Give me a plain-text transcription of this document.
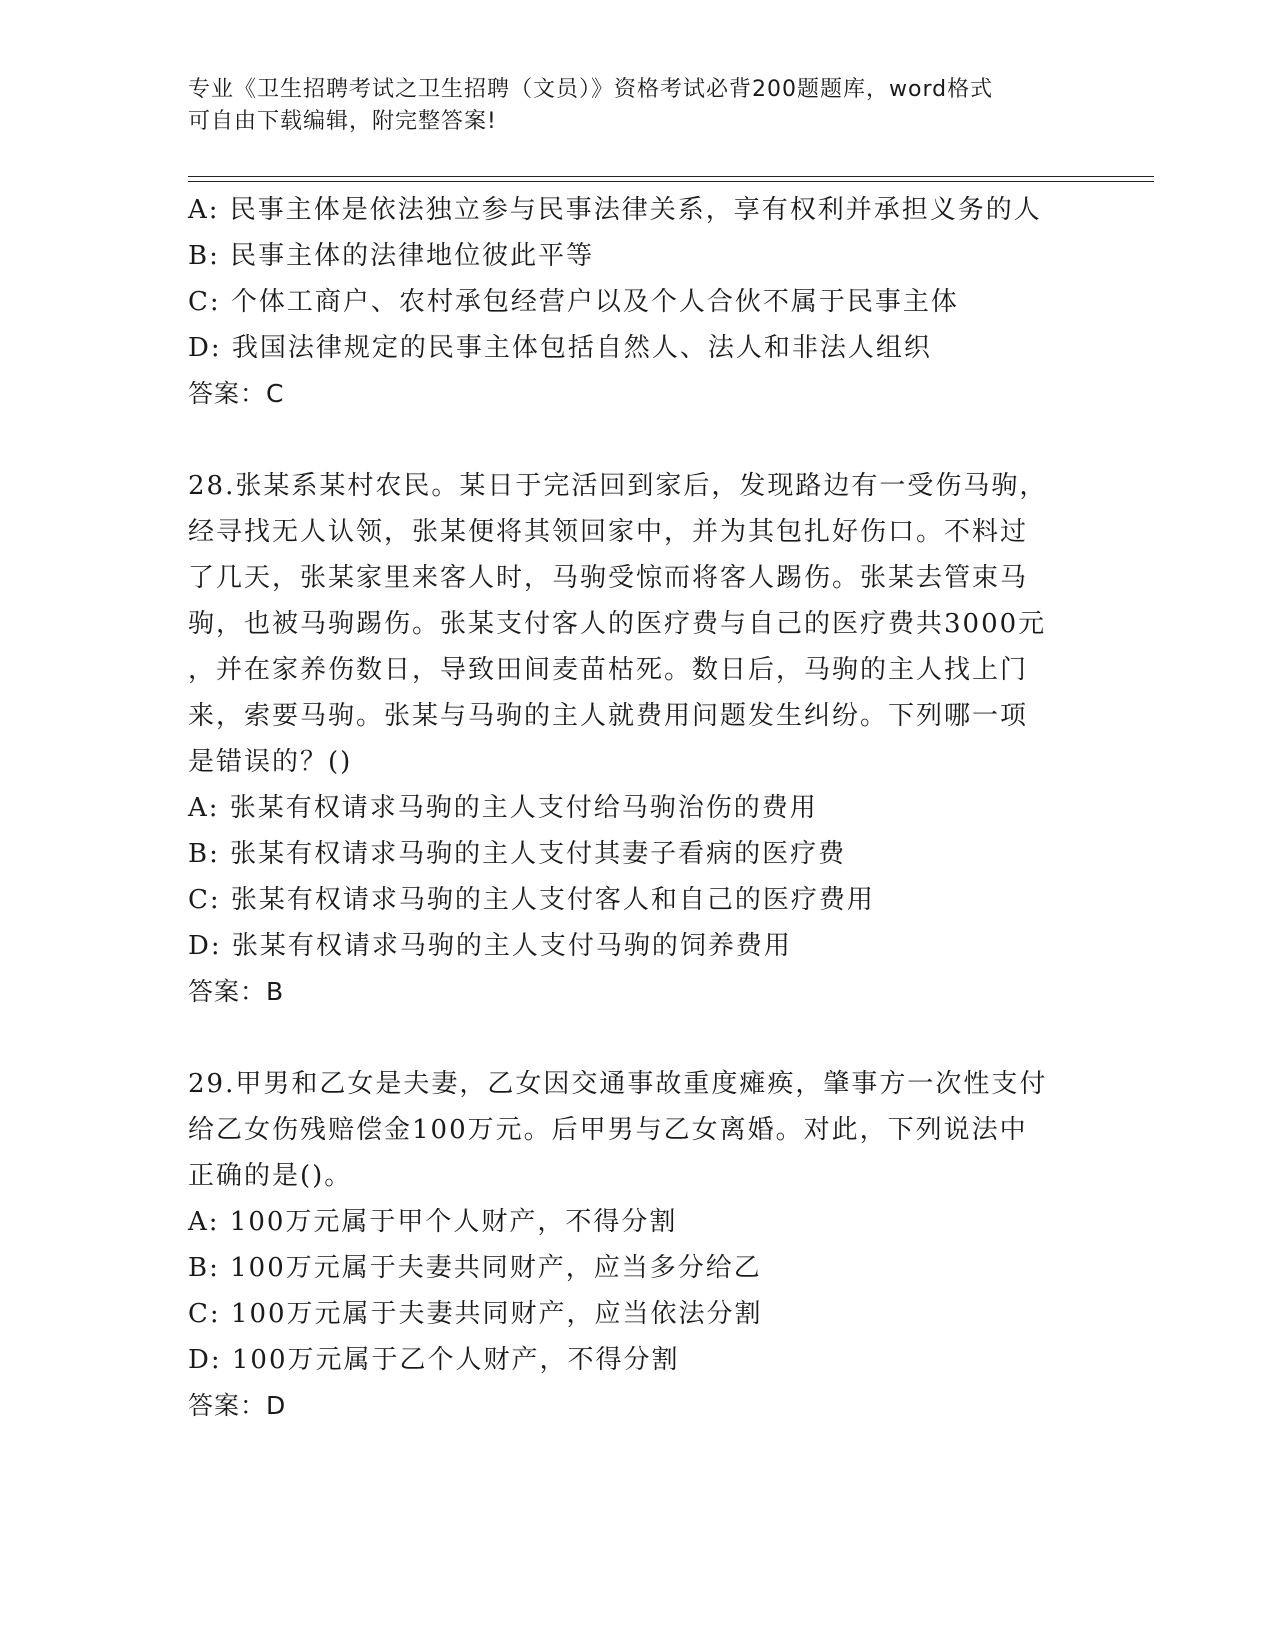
专业《卫生招聘考试之卫生招聘（文员）》资格考试必背200题题库，word格式
可自由下载编辑，附完整答案!
A: 民事主体是依法独立参与民事法律关系，享有权利并承担义务的人
B: 民事主体的法律地位彼此平等
C: 个体工商户、农村承包经营户以及个人合伙不属于民事主体
D: 我国法律规定的民事主体包括自然人、法人和非法人组织
答案：C
28.张某系某村农民。某日于完活回到家后，发现路边有一受伤马驹，
经寻找无人认领，张某便将其领回家中，并为其包扎好伤口。不料过
了几天，张某家里来客人时，马驹受惊而将客人踢伤。张某去管束马
驹，也被马驹踢伤。张某支付客人的医疗费与自己的医疗费共3000元
，并在家养伤数日，导致田间麦苗枯死。数日后，马驹的主人找上门
来，索要马驹。张某与马驹的主人就费用问题发生纠纷。下列哪一项
是错误的？()
A: 张某有权请求马驹的主人支付给马驹治伤的费用
B: 张某有权请求马驹的主人支付其妻子看病的医疗费
C: 张某有权请求马驹的主人支付客人和自己的医疗费用
D: 张某有权请求马驹的主人支付马驹的饲养费用
答案：B
29.甲男和乙女是夫妻，乙女因交通事故重度瘫痪，肇事方一次性支付
给乙女伤残赔偿金100万元。后甲男与乙女离婚。对此，下列说法中
正确的是()。
A: 100万元属于甲个人财产，不得分割
B: 100万元属于夫妻共同财产，应当多分给乙
C: 100万元属于夫妻共同财产，应当依法分割
D: 100万元属于乙个人财产，不得分割
答案：D
